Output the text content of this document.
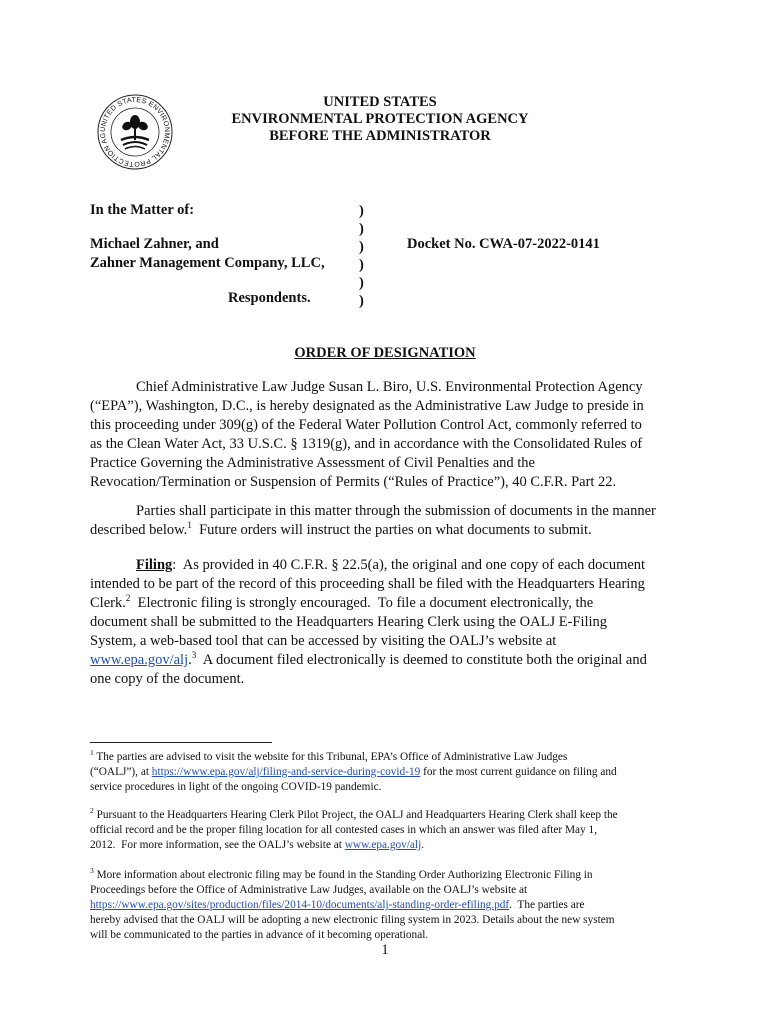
UNITED STATES ENVIRONMENTAL PROTECTION AG
UNITED STATES
ENVIRONMENTAL PROTECTION AGENCY
BEFORE THE ADMINISTRATOR
In the Matter of:
Michael Zahner, and
Zahner Management Company, LLC,
Respondents.
)
)
)
)
)
)
Docket No. CWA-07-2022-0141
ORDER OF DESIGNATION
Chief Administrative Law Judge Susan L. Biro, U.S. Environmental Protection Agency
(“EPA”), Washington, D.C., is hereby designated as the Administrative Law Judge to preside in
this proceeding under 309(g) of the Federal Water Pollution Control Act, commonly referred to
as the Clean Water Act, 33 U.S.C. § 1319(g), and in accordance with the Consolidated Rules of
Practice Governing the Administrative Assessment of Civil Penalties and the
Revocation/Termination or Suspension of Permits (“Rules of Practice”), 40 C.F.R. Part 22.
Parties shall participate in this matter through the submission of documents in the manner
described below.$^1$  Future orders will instruct the parties on what documents to submit.
Filing:  As provided in 40 C.F.R. § 22.5(a), the original and one copy of each document
intended to be part of the record of this proceeding shall be filed with the Headquarters Hearing
Clerk.$^2$  Electronic filing is strongly encouraged.  To file a document electronically, the
document shall be submitted to the Headquarters Hearing Clerk using the OALJ E-Filing
System, a web-based tool that can be accessed by visiting the OALJ’s website at
www.epa.gov/alj.$^3$  A document filed electronically is deemed to constitute both the original and
one copy of the document.
$^1$ The parties are advised to visit the website for this Tribunal, EPA’s Office of Administrative Law Judges
(“OALJ”), at https://www.epa.gov/alj/filing-and-service-during-covid-19 for the most current guidance on filing and
service procedures in light of the ongoing COVID-19 pandemic.
$^2$ Pursuant to the Headquarters Hearing Clerk Pilot Project, the OALJ and Headquarters Hearing Clerk shall keep the
official record and be the proper filing location for all contested cases in which an answer was filed after May 1,
2012.  For more information, see the OALJ’s website at www.epa.gov/alj.
$^3$ More information about electronic filing may be found in the Standing Order Authorizing Electronic Filing in
Proceedings before the Office of Administrative Law Judges, available on the OALJ’s website at
https://www.epa.gov/sites/production/files/2014-10/documents/alj-standing-order-efiling.pdf.  The parties are
hereby advised that the OALJ will be adopting a new electronic filing system in 2023. Details about the new system
will be communicated to the parties in advance of it becoming operational.
1
